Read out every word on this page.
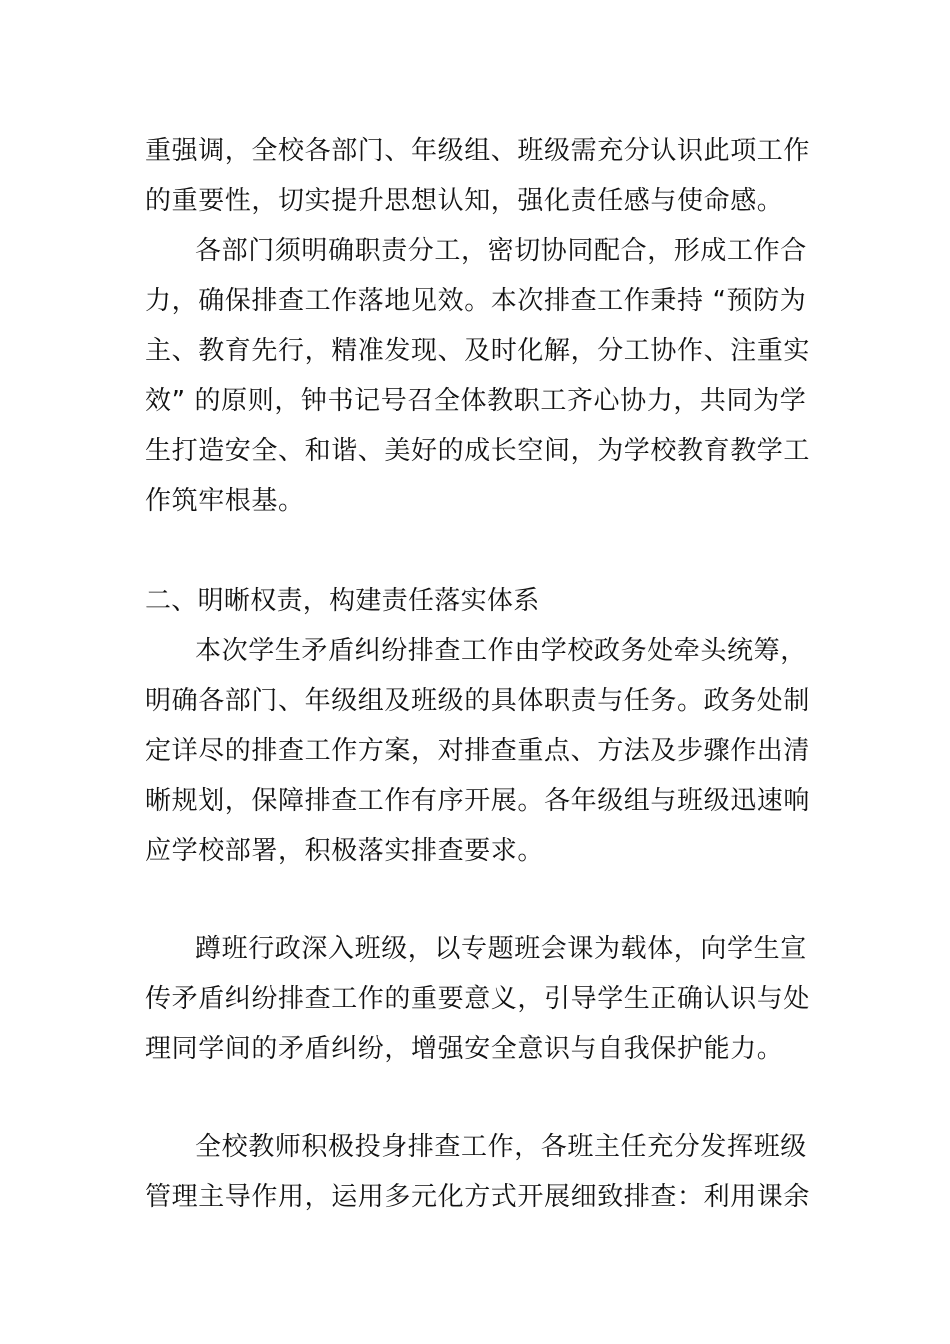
重强调，全校各部门、年级组、班级需充分认识此项工作
的重要性，切实提升思想认知，强化责任感与使命感。
各部门须明确职责分工，密切协同配合，形成工作合
力，确保排查工作落地见效。本次排查工作秉持 “预防为
主、教育先行，精准发现、及时化解，分工协作、注重实
效” 的原则，钟书记号召全体教职工齐心协力，共同为学
生打造安全、和谐、美好的成长空间，为学校教育教学工
作筑牢根基。
二、明晰权责，构建责任落实体系
本次学生矛盾纠纷排查工作由学校政务处牵头统筹，
明确各部门、年级组及班级的具体职责与任务。政务处制
定详尽的排查工作方案，对排查重点、方法及步骤作出清
晰规划，保障排查工作有序开展。各年级组与班级迅速响
应学校部署，积极落实排查要求。
蹲班行政深入班级，以专题班会课为载体，向学生宣
传矛盾纠纷排查工作的重要意义，引导学生正确认识与处
理同学间的矛盾纠纷，增强安全意识与自我保护能力。
全校教师积极投身排查工作，各班主任充分发挥班级
管理主导作用，运用多元化方式开展细致排查：利用课余
